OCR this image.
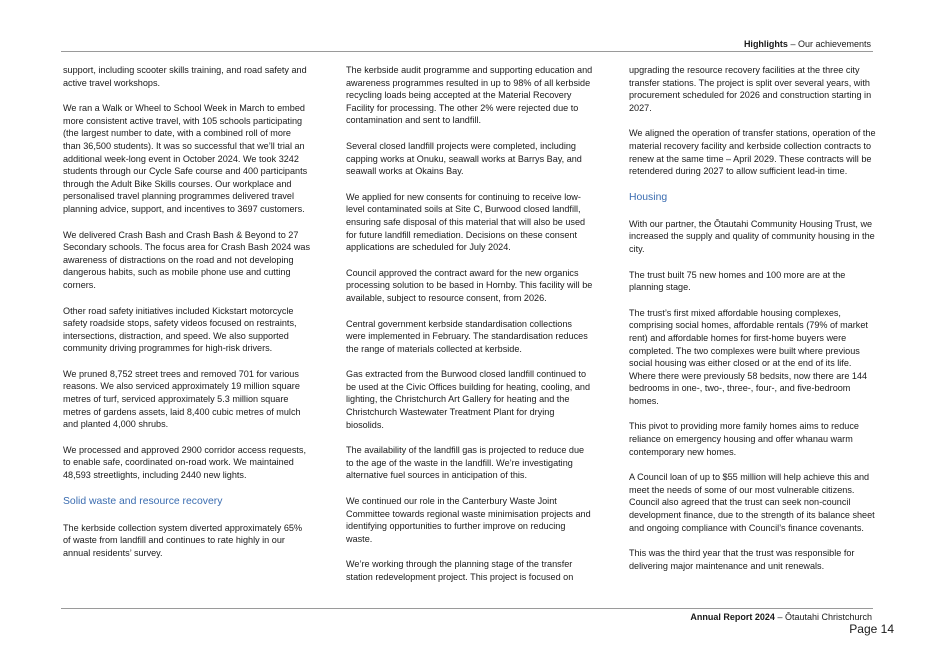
Highlights – Our achievements

support, including scooter skills training, and road safety and active travel workshops.

We ran a Walk or Wheel to School Week in March to embed more consistent active travel, with 105 schools participating (the largest number to date, with a combined roll of more than 36,500 students). It was so successful that we’ll trial an additional week-long event in October 2024. We took 3242 students through our Cycle Safe course and 400 participants through the Adult Bike Skills courses. Our workplace and personalised travel planning programmes delivered travel planning advice, support, and incentives to 3697 customers.

We delivered Crash Bash and Crash Bash & Beyond to 27 Secondary schools. The focus area for Crash Bash 2024 was awareness of distractions on the road and not developing dangerous habits, such as mobile phone use and cutting corners.

Other road safety initiatives included Kickstart motorcycle safety roadside stops, safety videos focused on restraints, intersections, distraction, and speed. We also supported community driving programmes for high-risk drivers.

We pruned 8,752 street trees and removed 701 for various reasons. We also serviced approximately 19 million square metres of turf, serviced approximately 5.3 million square metres of gardens assets, laid 8,400 cubic metres of mulch and planted 4,000 shrubs.

We processed and approved 2900 corridor access requests, to enable safe, coordinated on-road work. We maintained 48,593 streetlights, including 2440 new lights.

Solid waste and resource recovery

The kerbside collection system diverted approximately 65% of waste from landfill and continues to rate highly in our annual residents’ survey.

The kerbside audit programme and supporting education and awareness programmes resulted in up to 98% of all kerbside recycling loads being accepted at the Material Recovery Facility for processing. The other 2% were rejected due to contamination and sent to landfill.

Several closed landfill projects were completed, including capping works at Onuku, seawall works at Barrys Bay, and seawall works at Okains Bay.

We applied for new consents for continuing to receive low-level contaminated soils at Site C, Burwood closed landfill, ensuring safe disposal of this material that will also be used for future landfill remediation. Decisions on these consent applications are scheduled for July 2024.

Council approved the contract award for the new organics processing solution to be based in Hornby. This facility will be available, subject to resource consent, from 2026.

Central government kerbside standardisation collections were implemented in February. The standardisation reduces the range of materials collected at kerbside.

Gas extracted from the Burwood closed landfill continued to be used at the Civic Offices building for heating, cooling, and lighting, the Christchurch Art Gallery for heating and the Christchurch Wastewater Treatment Plant for drying biosolids.

The availability of the landfill gas is projected to reduce due to the age of the waste in the landfill. We’re investigating alternative fuel sources in anticipation of this.

We continued our role in the Canterbury Waste Joint Committee towards regional waste minimisation projects and identifying opportunities to further improve on reducing waste.

We’re working through the planning stage of the transfer station redevelopment project. This project is focused on

upgrading the resource recovery facilities at the three city transfer stations. The project is split over several years, with procurement scheduled for 2026 and construction starting in 2027.

We aligned the operation of transfer stations, operation of the material recovery facility and kerbside collection contracts to renew at the same time – April 2029. These contracts will be retendered during 2027 to allow sufficient lead-in time.

Housing

With our partner, the Ōtautahi Community Housing Trust, we increased the supply and quality of community housing in the city.

The trust built 75 new homes and 100 more are at the planning stage.

The trust’s first mixed affordable housing complexes, comprising social homes, affordable rentals (79% of market rent) and affordable homes for first-home buyers were completed. The two complexes were built where previous social housing was either closed or at the end of its life. Where there were previously 58 bedsits, now there are 144 bedrooms in one-, two-, three-, four-, and five-bedroom homes.

This pivot to providing more family homes aims to reduce reliance on emergency housing and offer whanau warm contemporary new homes.

A Council loan of up to $55 million will help achieve this and meet the needs of some of our most vulnerable citizens. Council also agreed that the trust can seek non-council development finance, due to the strength of its balance sheet and ongoing compliance with Council’s finance covenants.

This was the third year that the trust was responsible for delivering major maintenance and unit renewals.

Annual Report 2024 – Ōtautahi Christchurch
Page 14
